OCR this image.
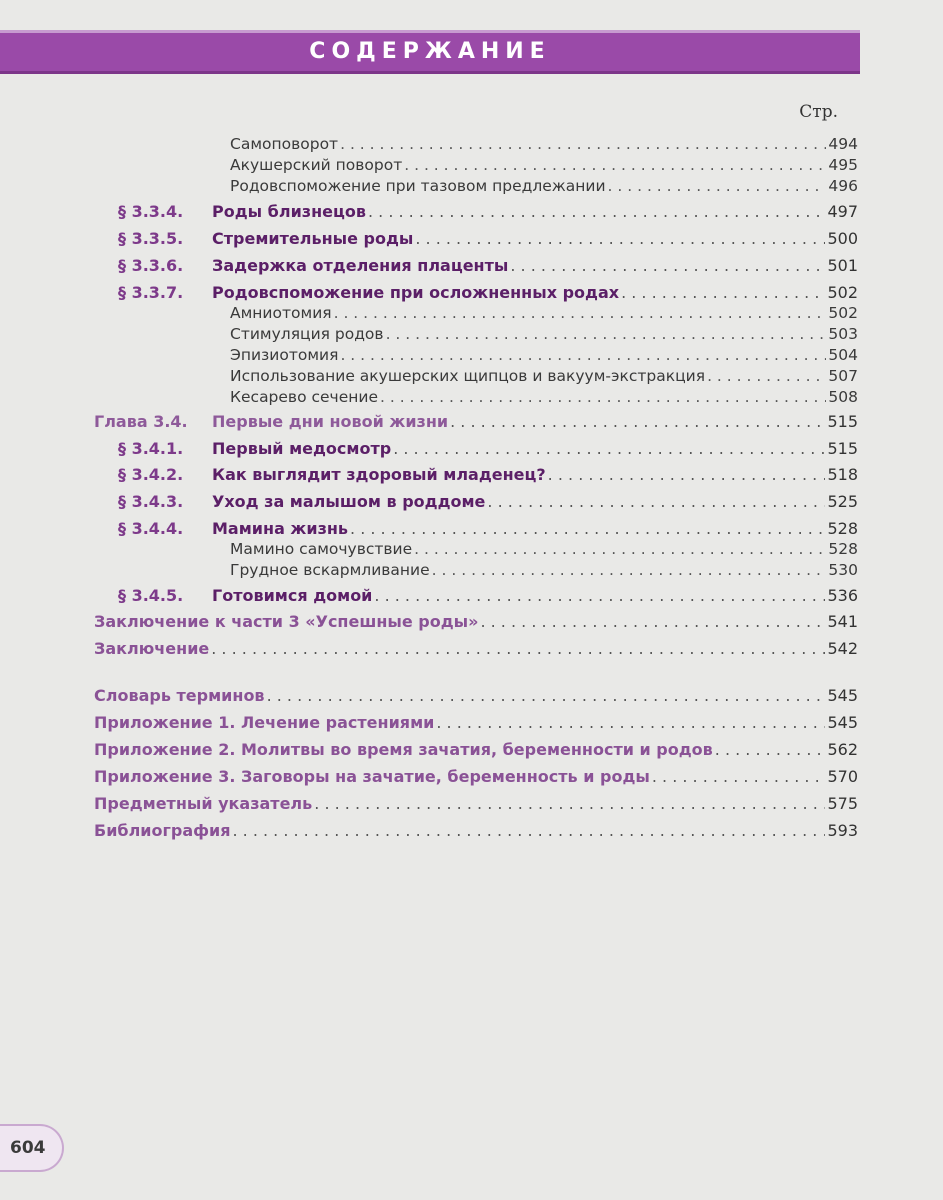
СОДЕРЖАНИЕ
Стр.
Самоповорот . . .	494
Акушерский поворот . . .	495
Родовспоможение при тазовом предлежании . . .	496
§ 3.3.4.	Роды близнецов . . .	497
§ 3.3.5.	Стремительные роды . . .	500
§ 3.3.6.	Задержка отделения плаценты . . .	501
§ 3.3.7.	Родовспоможение при осложненных родах . . .	502
Амниотомия . . .	502
Стимуляция родов . . .	503
Эпизиотомия . . .	504
Использование акушерских щипцов и вакуум-экстракция . . .	507
Кесарево сечение . . .	508
Глава 3.4.	Первые дни новой жизни . . .	515
§ 3.4.1.	Первый медосмотр . . .	515
§ 3.4.2.	Как выглядит здоровый младенец? . . .	518
§ 3.4.3.	Уход за малышом в роддоме . . .	525
§ 3.4.4.	Мамина жизнь . . .	528
Мамино самочувствие . . .	528
Грудное вскармливание . . .	530
§ 3.4.5.	Готовимся домой . . .	536
Заключение к части 3 «Успешные роды» . . .	541
Заключение . . .	542
Словарь терминов . . .	545
Приложение 1. Лечение растениями . . .	545
Приложение 2. Молитвы во время зачатия, беременности и родов . . .	562
Приложение 3. Заговоры на зачатие, беременность и роды . . .	570
Предметный указатель . . .	575
Библиография . . .	593
604
